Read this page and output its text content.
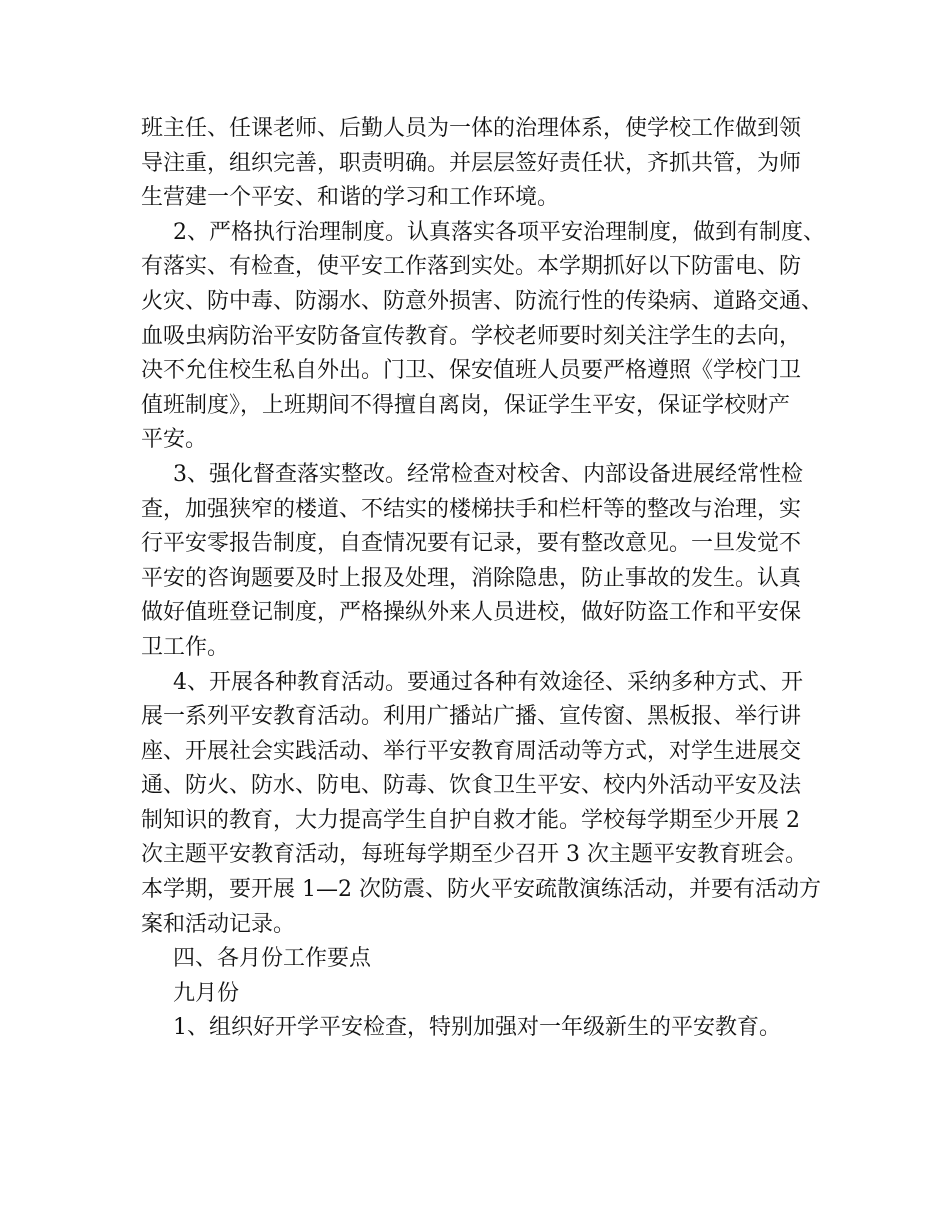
班主任、任课老师、后勤人员为一体的治理体系，使学校工作做到领
导注重，组织完善，职责明确。并层层签好责任状，齐抓共管，为师
生营建一个平安、和谐的学习和工作环境。
2、严格执行治理制度。认真落实各项平安治理制度，做到有制度、
有落实、有检查，使平安工作落到实处。本学期抓好以下防雷电、防
火灾、防中毒、防溺水、防意外损害、防流行性的传染病、道路交通、
血吸虫病防治平安防备宣传教育。学校老师要时刻关注学生的去向，
决不允住校生私自外出。门卫、保安值班人员要严格遵照《学校门卫
值班制度》，上班期间不得擅自离岗，保证学生平安，保证学校财产
平安。
3、强化督查落实整改。经常检查对校舍、内部设备进展经常性检
查，加强狭窄的楼道、不结实的楼梯扶手和栏杆等的整改与治理，实
行平安零报告制度，自查情况要有记录，要有整改意见。一旦发觉不
平安的咨询题要及时上报及处理，消除隐患，防止事故的发生。认真
做好值班登记制度，严格操纵外来人员进校，做好防盗工作和平安保
卫工作。
4、开展各种教育活动。要通过各种有效途径、采纳多种方式、开
展一系列平安教育活动。利用广播站广播、宣传窗、黑板报、举行讲
座、开展社会实践活动、举行平安教育周活动等方式，对学生进展交
通、防火、防水、防电、防毒、饮食卫生平安、校内外活动平安及法
制知识的教育，大力提高学生自护自救才能。学校每学期至少开展 2
次主题平安教育活动，每班每学期至少召开 3 次主题平安教育班会。
本学期，要开展 1—2 次防震、防火平安疏散演练活动，并要有活动方
案和活动记录。
四、各月份工作要点
九月份
1、组织好开学平安检查，特别加强对一年级新生的平安教育。
